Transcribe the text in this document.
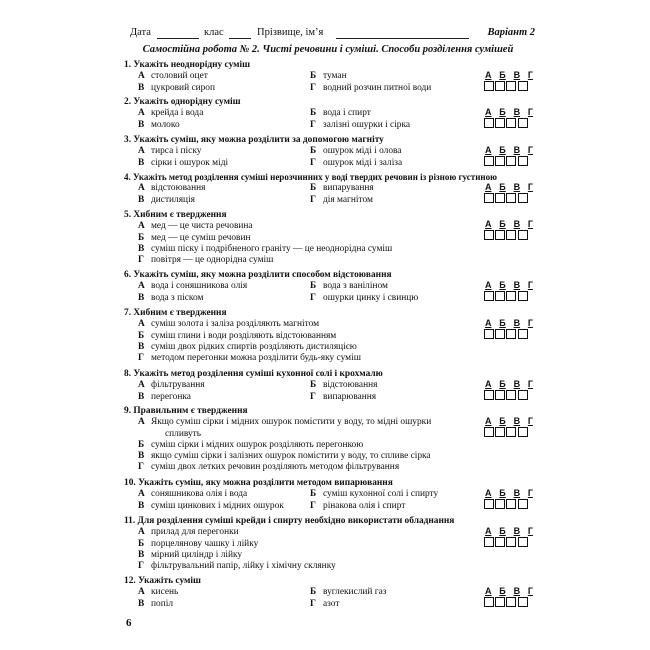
Дата	клас	Прізвище, ім’я	Варіант 2
Самостійна робота № 2. Чисті речовини і суміші. Способи розділення сумішей
1. Укажіть неоднорідну суміш
А столовий оцет	Б туман
В цукровий сироп	Г водний розчин питної води
2. Укажіть однорідну суміш
А крейда і вода	Б вода і спирт
В молоко	Г залізні ошурки і сірка
3. Укажіть суміш, яку можна розділити за допомогою магніту
А тирса і піску	Б ошурок міді і олова
В сірки і ошурок міді	Г ошурок міді і заліза
4. Укажіть метод розділення суміші нерозчинних у воді твердих речовин із різною густиною
А відстоювання	Б випарування
В дистиляція	Г дія магнітом
5. Хибним є твердження
А мед — це чиста речовина
Б мед — це суміш речовин
В суміш піску і подрібненого граніту — це неоднорідна суміш
Г повітря — це однорідна суміш
6. Укажіть суміш, яку можна розділити способом відстоювання
А вода і соняшникова олія	Б вода з ваніліном
В вода з піском	Г ошурки цинку і свинцю
7. Хибним є твердження
А суміш золота і заліза розділяють магнітом
Б суміш глини і води розділяють відстоюванням
В суміш двох рідких спиртів розділяють дистиляцією
Г методом перегонки можна розділити будь-яку суміш
8. Укажіть метод розділення суміші кухонної солі і крохмалю
А фільтрування	Б відстоювання
В перегонка	Г випарювання
9. Правильним є твердження
А Якщо суміш сірки і мідних ошурок помістити у воду, то мідні ошурки
спливуть
Б суміш сірки і мідних ошурок розділяють перегонкою
В якщо суміш сірки і залізних ошурок помістити у воду, то спливе сірка
Г суміш двох летких речовин розділяють методом фільтрування
10. Укажіть суміш, яку можна розділити методом випарювання
А соняшникова олія і вода	Б суміш кухонної солі і спирту
В суміш цинкових і мідних ошурок	Г рінакова олія і спирт
11. Для розділення суміші крейди і спирту необхідно використати обладнання
А прилад для перегонки
Б порцелянову чашку і лійку
В мірний циліндр і лійку
Г фільтрувальний папір, лійку і хімічну склянку
12. Укажіть суміш
А кисень	Б вуглекислий газ
В попіл	Г азот
А Б В Г
А Б В Г
А Б В Г
А Б В Г
А Б В Г
А Б В Г
А Б В Г
А Б В Г
А Б В Г
А Б В Г
А Б В Г
А Б В Г
6
